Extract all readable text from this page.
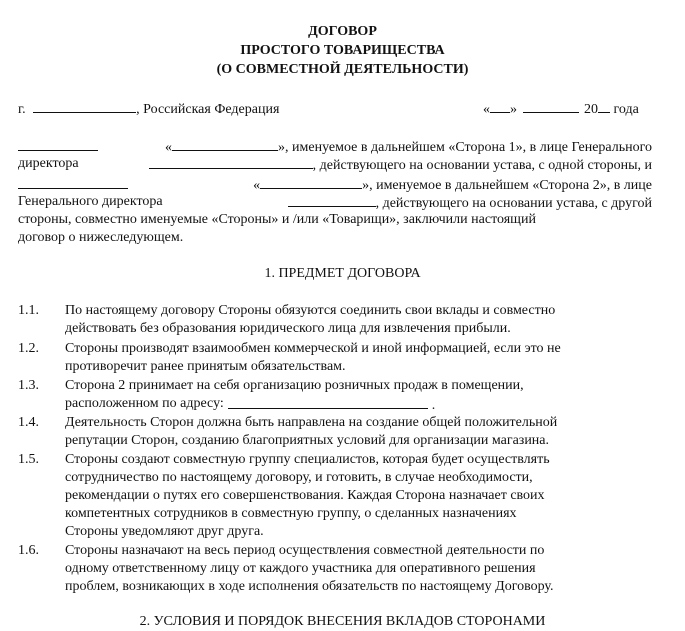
ДОГОВОР
ПРОСТОГО ТОВАРИЩЕСТВА
(О СОВМЕСТНОЙ ДЕЯТЕЛЬНОСТИ)
г.	, Российская Федерация	« »	20 года
«	», именуемое в дальнейшем «Сторона 1», в лице Генерального
директора	, действующего на основании устава, с одной стороны, и
«	», именуемое в дальнейшем «Сторона 2», в лице
Генерального директора	, действующего на основании устава, с другой
стороны, совместно именуемые «Стороны» и /или «Товарищи», заключили настоящий
договор о нижеследующем.
1. ПРЕДМЕТ ДОГОВОРА
1.1. По настоящему договору Стороны обязуются соединить свои вклады и совместно
действовать без образования юридического лица для извлечения прибыли.
1.2. Стороны производят взаимообмен коммерческой и иной информацией, если это не
противоречит ранее принятым обязательствам.
1.3. Сторона 2 принимает на себя организацию розничных продаж в помещении,
расположенном по адресу:	.
1.4. Деятельность Сторон должна быть направлена на создание общей положительной
репутации Сторон, созданию благоприятных условий для организации магазина.
1.5. Стороны создают совместную группу специалистов, которая будет осуществлять
сотрудничество по настоящему договору, и готовить, в случае необходимости,
рекомендации о путях его совершенствования. Каждая Сторона назначает своих
компетентных сотрудников в совместную группу, о сделанных назначениях
Стороны уведомляют друг друга.
1.6. Стороны назначают на весь период осуществления совместной деятельности по
одному ответственному лицу от каждого участника для оперативного решения
проблем, возникающих в ходе исполнения обязательств по настоящему Договору.
2. УСЛОВИЯ И ПОРЯДОК ВНЕСЕНИЯ ВКЛАДОВ СТОРОНАМИ
